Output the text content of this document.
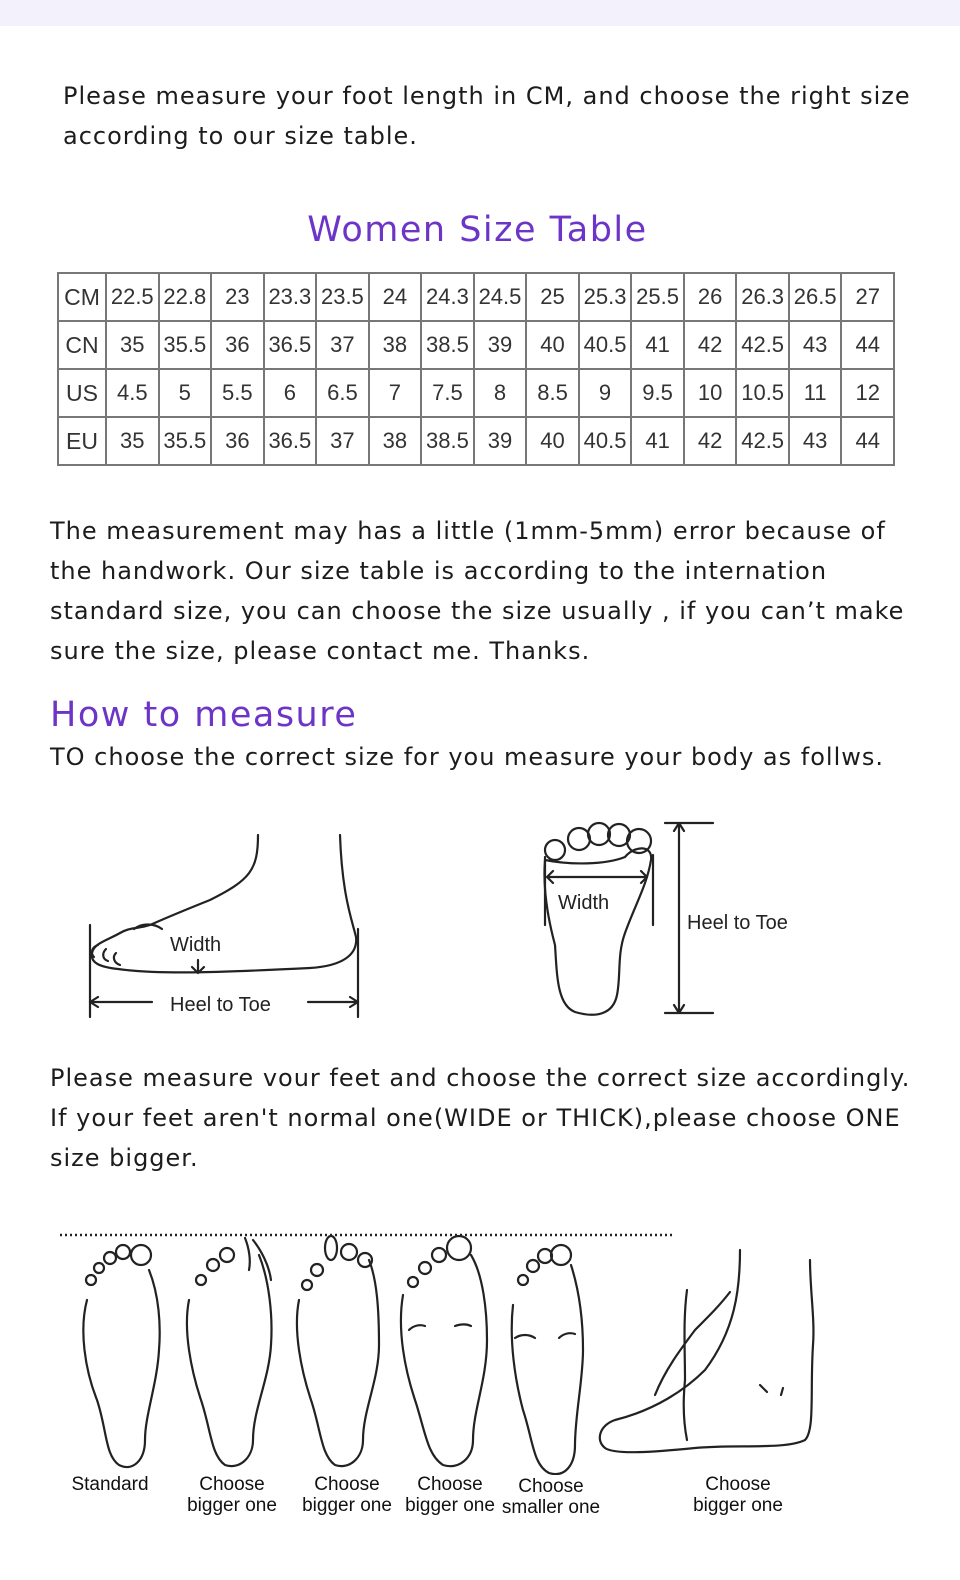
Please measure your foot length in CM, and choose the right size according to our size table.

Women Size Table
CM	22.5	22.8	23	23.3	23.5	24	24.3	24.5	25	25.3	25.5	26	26.3	26.5	27
CN	35	35.5	36	36.5	37	38	38.5	39	40	40.5	41	42	42.5	43	44
US	4.5	5	5.5	6	6.5	7	7.5	8	8.5	9	9.5	10	10.5	11	12
EU	35	35.5	36	36.5	37	38	38.5	39	40	40.5	41	42	42.5	43	44

The measurement may has a little (1mm-5mm) error because of the handwork. Our size table is according to the internation standard size, you can choose the size usually , if you can’t make sure the size, please contact me. Thanks.

How to measure

TO choose the correct size for you measure your body as follws.

Width
Heel to Toe
Width
Heel to Toe

Please measure vour feet and choose the correct size accordingly. If your feet aren't normal one(WIDE or THICK),please choose ONE size bigger.

Standard	Choose
bigger one
Choose
bigger one
Choose
bigger one
Choose
smaller one
Choose
bigger one
